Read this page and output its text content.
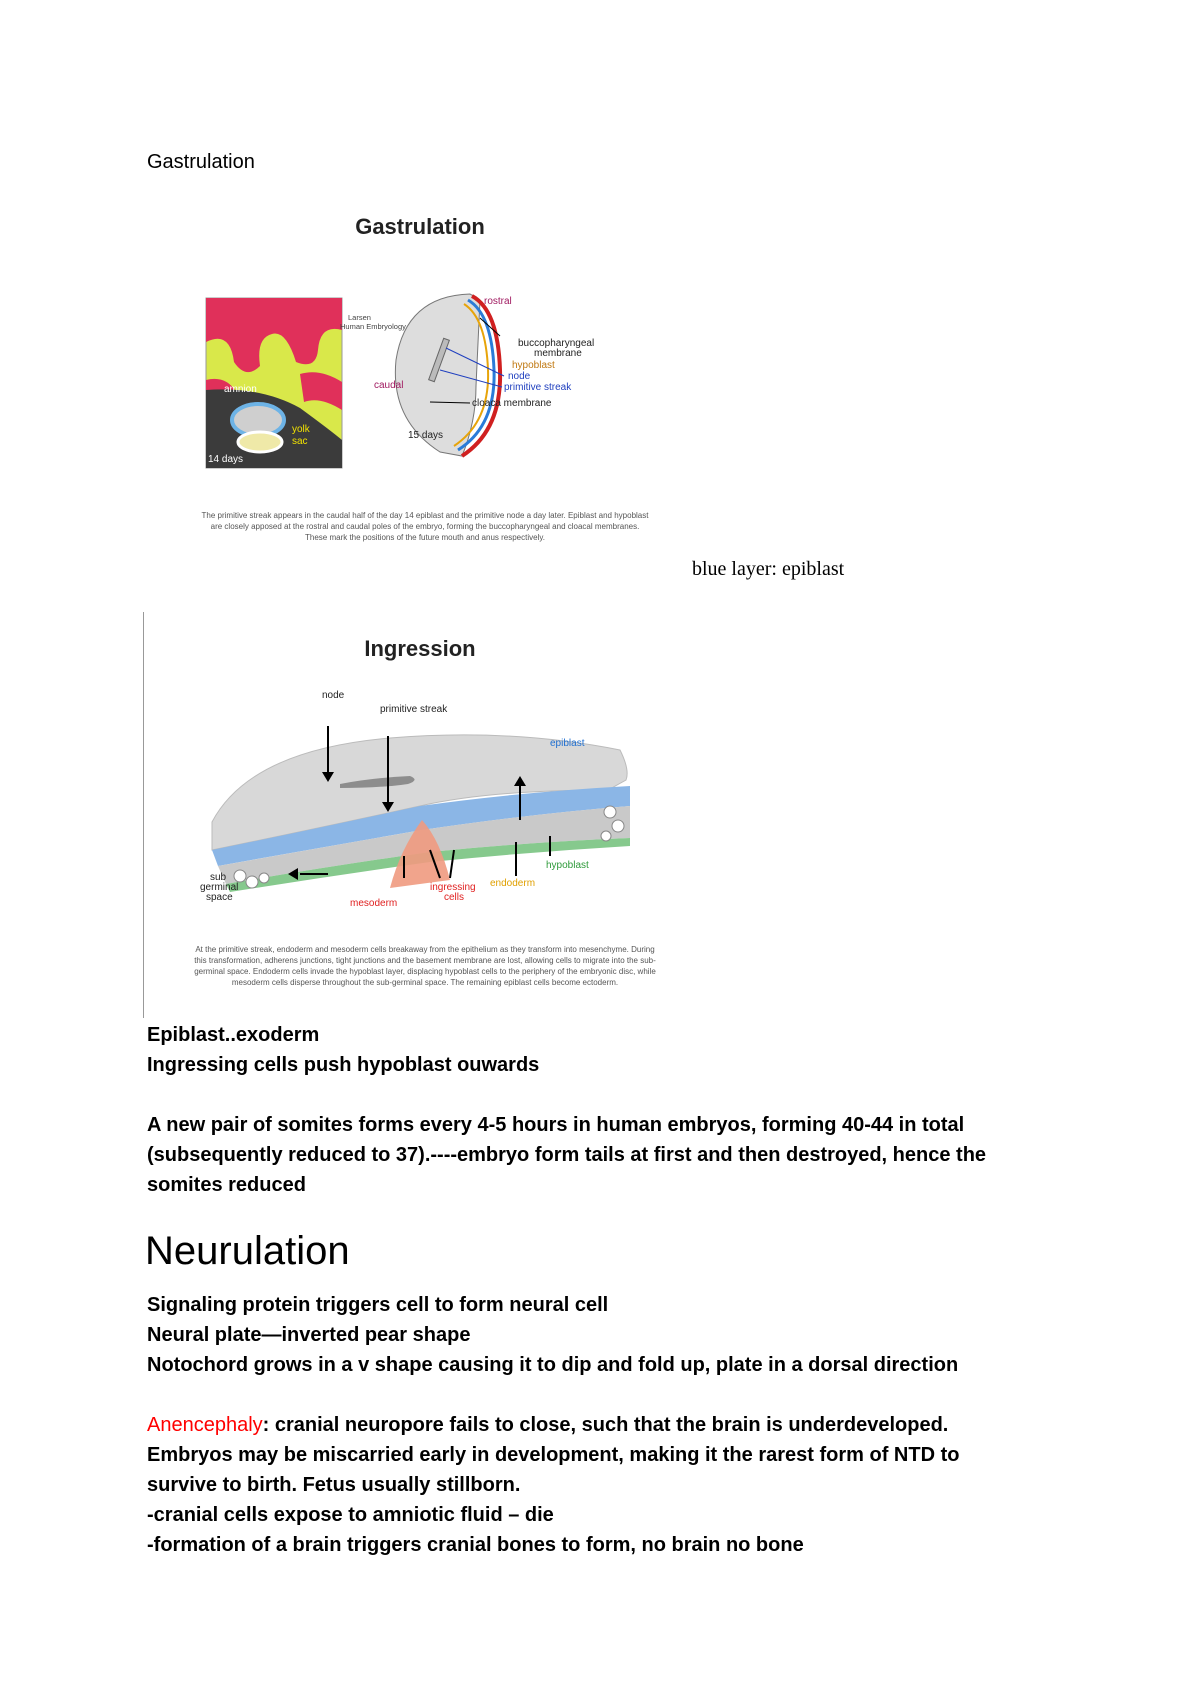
Gastrulation
Gastrulation
amnion
yolk
sac
14 days
Larsen
Human Embryology
rostral
buccopharyngeal
membrane
hypoblast
node
primitive streak
caudal
cloaca membrane
15 days
The primitive streak appears in the caudal half of the day 14 epiblast and the primitive node a day later. Epiblast and hypoblast are closely apposed at the rostral and caudal poles of the embryo, forming the buccopharyngeal and cloacal membranes. These mark the positions of the future mouth and anus respectively.
blue layer: epiblast
Ingression
node
primitive streak
epiblast
sub
germinal
space
mesoderm
ingressing
cells
endoderm
hypoblast
At the primitive streak, endoderm and mesoderm cells breakaway from the epithelium as they transform into mesenchyme. During this transformation, adherens junctions, tight junctions and the basement membrane are lost, allowing cells to migrate into the sub-germinal space. Endoderm cells invade the hypoblast layer, displacing hypoblast cells to the periphery of the embryonic disc, while mesoderm cells disperse throughout the sub-germinal space. The remaining epiblast cells become ectoderm.
Epiblast..exoderm
Ingressing cells push hypoblast ouwards
A new pair of somites forms every 4-5 hours in human embryos, forming 40-44 in total
(subsequently reduced to 37).----embryo form tails at first and then destroyed, hence the
somites reduced
Neurulation
Signaling protein triggers cell to form neural cell
Neural plate—inverted pear shape
Notochord grows in a v shape causing it to dip and fold up, plate in a dorsal direction
Anencephaly: cranial neuropore fails to close, such that the brain is underdeveloped.
Embryos may be miscarried early in development, making it the rarest form of NTD to
survive to birth. Fetus usually stillborn.
-cranial cells expose to amniotic fluid – die
-formation of a brain triggers cranial bones to form, no brain no bone
